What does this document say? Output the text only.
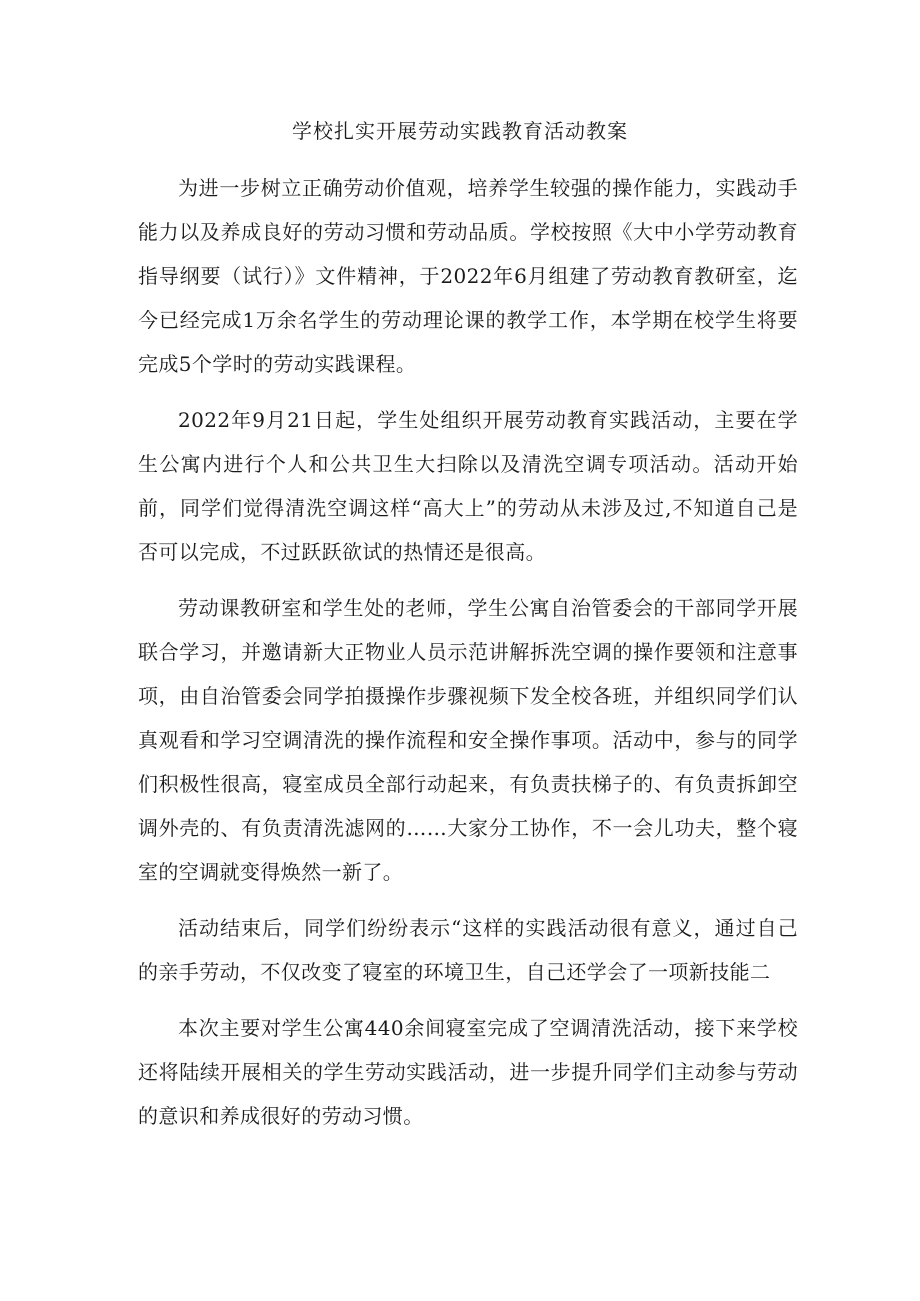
学校扎实开展劳动实践教育活动教案

为进一步树立正确劳动价值观，培养学生较强的操作能力，实践动手能力以及养成良好的劳动习惯和劳动品质。学校按照《大中小学劳动教育指导纲要（试行）》文件精神，于2022年6月组建了劳动教育教研室，迄今已经完成1万余名学生的劳动理论课的教学工作，本学期在校学生将要完成5个学时的劳动实践课程。

2022年9月21日起，学生处组织开展劳动教育实践活动，主要在学生公寓内进行个人和公共卫生大扫除以及清洗空调专项活动。活动开始前，同学们觉得清洗空调这样“高大上”的劳动从未涉及过,不知道自己是否可以完成，不过跃跃欲试的热情还是很高。

劳动课教研室和学生处的老师，学生公寓自治管委会的干部同学开展联合学习，并邀请新大正物业人员示范讲解拆洗空调的操作要领和注意事项，由自治管委会同学拍摄操作步骤视频下发全校各班，并组织同学们认真观看和学习空调清洗的操作流程和安全操作事项。活动中，参与的同学们积极性很高，寝室成员全部行动起来，有负责扶梯子的、有负责拆卸空调外壳的、有负责清洗滤网的……大家分工协作，不一会儿功夫，整个寝室的空调就变得焕然一新了。

活动结束后，同学们纷纷表示“这样的实践活动很有意义，通过自己的亲手劳动，不仅改变了寝室的环境卫生，自己还学会了一项新技能二

本次主要对学生公寓440余间寝室完成了空调清洗活动，接下来学校还将陆续开展相关的学生劳动实践活动，进一步提升同学们主动参与劳动的意识和养成很好的劳动习惯。
